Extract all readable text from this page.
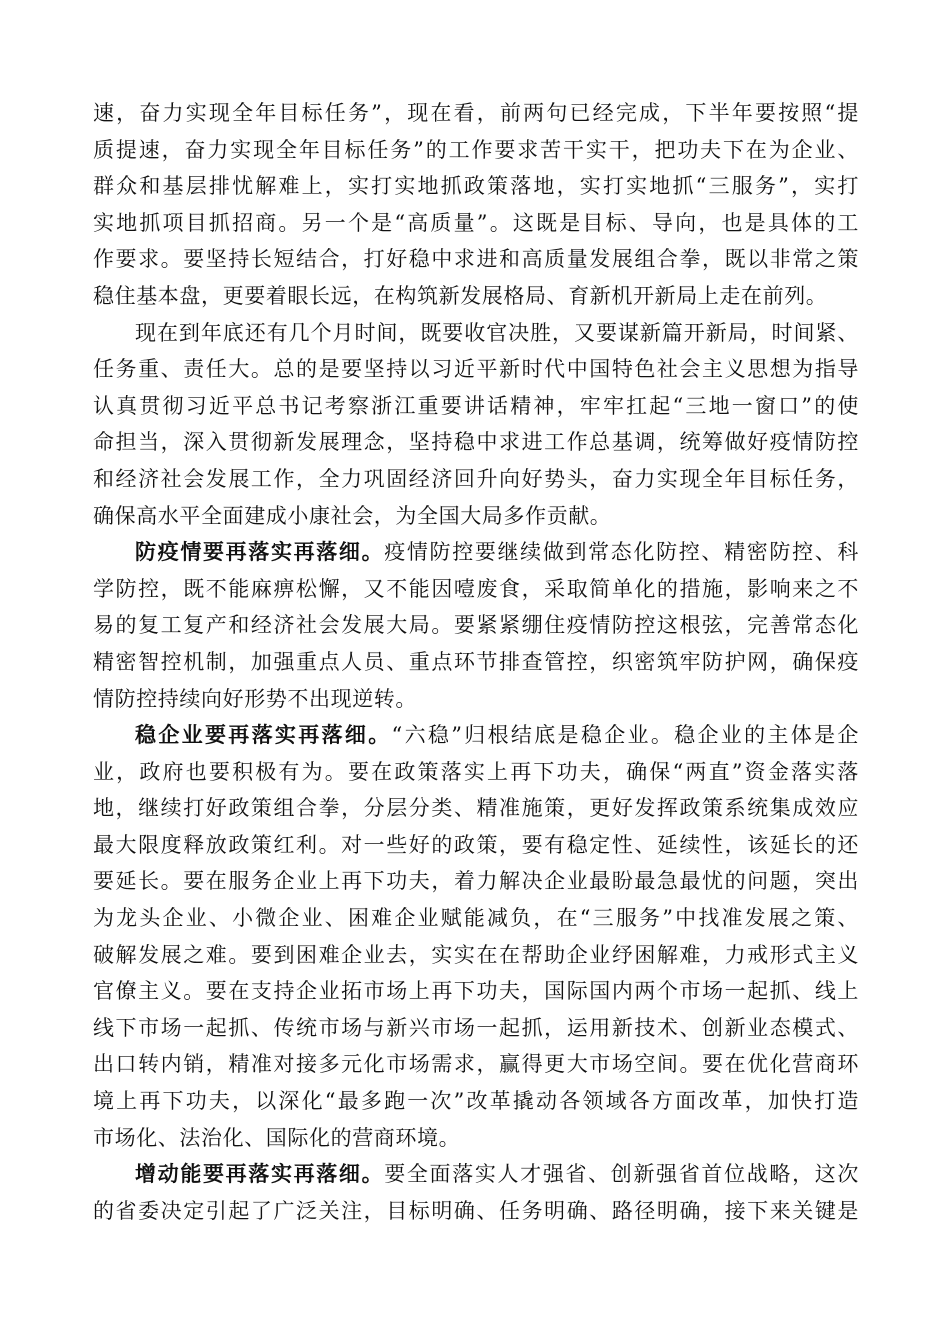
速，奋力实现全年目标任务”，现在看，前两句已经完成，下半年要按照“提
质提速，奋力实现全年目标任务”的工作要求苦干实干，把功夫下在为企业、
群众和基层排忧解难上，实打实地抓政策落地，实打实地抓“三服务”，实打
实地抓项目抓招商。另一个是“高质量”。这既是目标、导向，也是具体的工
作要求。要坚持长短结合，打好稳中求进和高质量发展组合拳，既以非常之策
稳住基本盘，更要着眼长远，在构筑新发展格局、育新机开新局上走在前列。
现在到年底还有几个月时间，既要收官决胜，又要谋新篇开新局，时间紧、
任务重、责任大。总的是要坚持以习近平新时代中国特色社会主义思想为指导
认真贯彻习近平总书记考察浙江重要讲话精神，牢牢扛起“三地一窗口”的使
命担当，深入贯彻新发展理念，坚持稳中求进工作总基调，统筹做好疫情防控
和经济社会发展工作，全力巩固经济回升向好势头，奋力实现全年目标任务，
确保高水平全面建成小康社会，为全国大局多作贡献。
防疫情要再落实再落细。疫情防控要继续做到常态化防控、精密防控、科
学防控，既不能麻痹松懈，又不能因噎废食，采取简单化的措施，影响来之不
易的复工复产和经济社会发展大局。要紧紧绷住疫情防控这根弦，完善常态化
精密智控机制，加强重点人员、重点环节排查管控，织密筑牢防护网，确保疫
情防控持续向好形势不出现逆转。
稳企业要再落实再落细。“六稳”归根结底是稳企业。稳企业的主体是企
业，政府也要积极有为。要在政策落实上再下功夫，确保“两直”资金落实落
地，继续打好政策组合拳，分层分类、精准施策，更好发挥政策系统集成效应
最大限度释放政策红利。对一些好的政策，要有稳定性、延续性，该延长的还
要延长。要在服务企业上再下功夫，着力解决企业最盼最急最忧的问题，突出
为龙头企业、小微企业、困难企业赋能减负，在“三服务”中找准发展之策、
破解发展之难。要到困难企业去，实实在在帮助企业纾困解难，力戒形式主义
官僚主义。要在支持企业拓市场上再下功夫，国际国内两个市场一起抓、线上
线下市场一起抓、传统市场与新兴市场一起抓，运用新技术、创新业态模式、
出口转内销，精准对接多元化市场需求，赢得更大市场空间。要在优化营商环
境上再下功夫，以深化“最多跑一次”改革撬动各领域各方面改革，加快打造
市场化、法治化、国际化的营商环境。
增动能要再落实再落细。要全面落实人才强省、创新强省首位战略，这次
的省委决定引起了广泛关注，目标明确、任务明确、路径明确，接下来关键是
